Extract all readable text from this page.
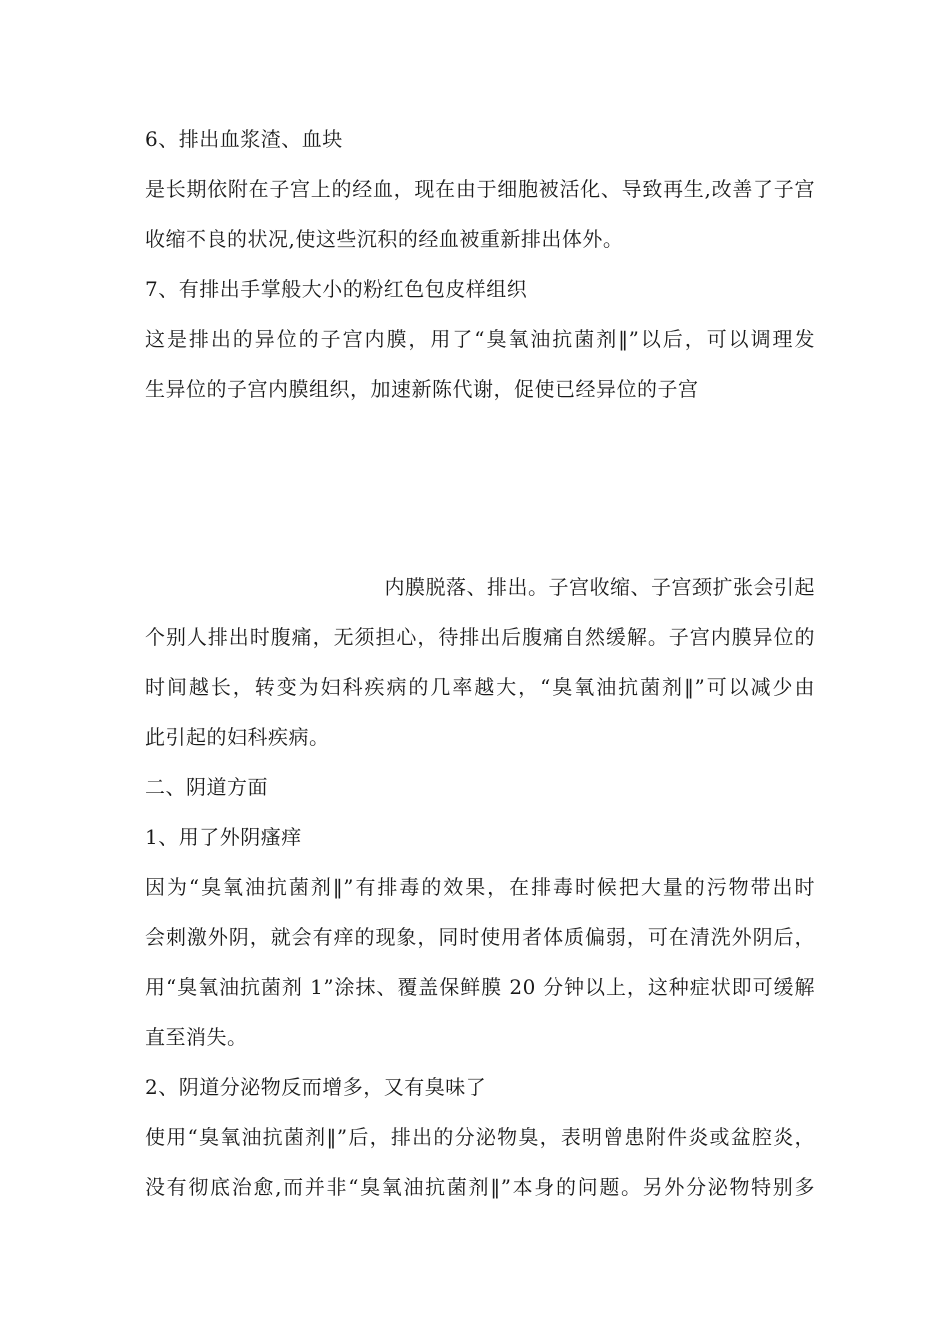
6、排出血浆渣、血块
是长期依附在子宫上的经血，现在由于细胞被活化、导致再生,改善了子宫
收缩不良的状况,使这些沉积的经血被重新排出体外。
7、有排出手掌般大小的粉红色包皮样组织
这是排出的异位的子宫内膜，用了“臭氧油抗菌剂‖”以后，可以调理发
生异位的子宫内膜组织，加速新陈代谢，促使已经异位的子宫
内膜脱落、排出。子宫收缩、子宫颈扩张会引起
个别人排出时腹痛，无须担心，待排出后腹痛自然缓解。子宫内膜异位的
时间越长，转变为妇科疾病的几率越大，“臭氧油抗菌剂‖”可以减少由
此引起的妇科疾病。
二、阴道方面
1、用了外阴瘙痒
因为“臭氧油抗菌剂‖”有排毒的效果，在排毒时候把大量的污物带出时
会刺激外阴，就会有痒的现象，同时使用者体质偏弱，可在清洗外阴后，
用“臭氧油抗菌剂 1”涂抹、覆盖保鲜膜 20 分钟以上，这种症状即可缓解
直至消失。
2、阴道分泌物反而增多，又有臭味了
使用“臭氧油抗菌剂‖”后，排出的分泌物臭，表明曾患附件炎或盆腔炎，
没有彻底治愈,而并非“臭氧油抗菌剂‖”本身的问题。另外分泌物特别多
